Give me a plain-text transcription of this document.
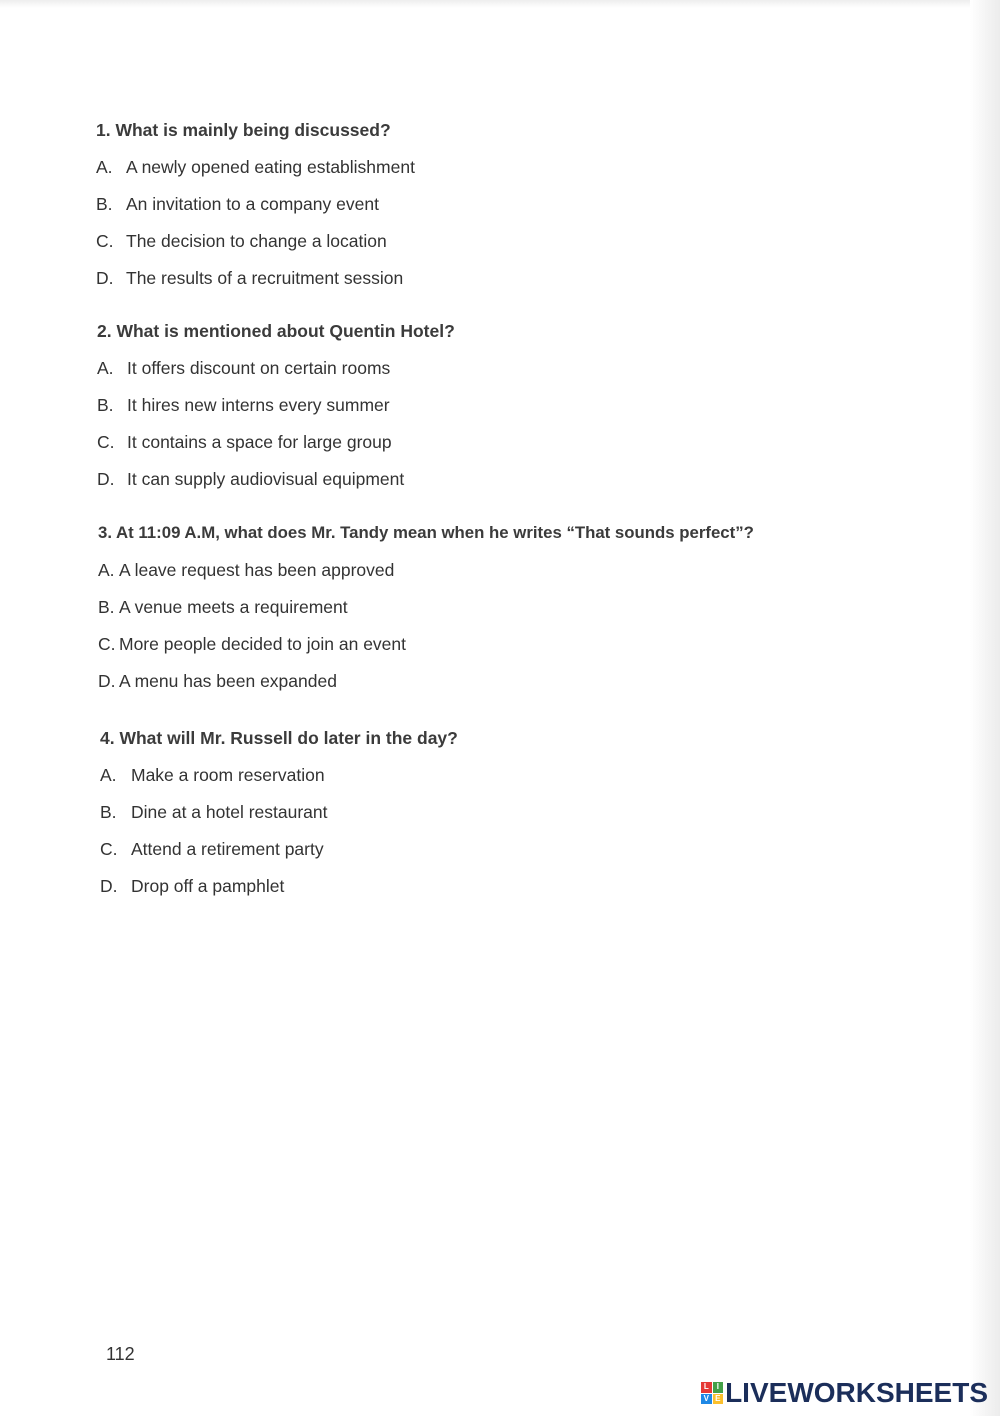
1. What is mainly being discussed?
A. A newly opened eating establishment
B. An invitation to a company event
C. The decision to change a location
D. The results of a recruitment session
2. What is mentioned about Quentin Hotel?
A. It offers discount on certain rooms
B. It hires new interns every summer
C. It contains a space for large group
D. It can supply audiovisual equipment
3. At 11:09 A.M, what does Mr. Tandy mean when he writes “That sounds perfect”?
A. A leave request has been approved
B. A venue meets a requirement
C. More people decided to join an event
D. A menu has been expanded
4. What will Mr. Russell do later in the day?
A. Make a room reservation
B. Dine at a hotel restaurant
C. Attend a retirement party
D. Drop off a pamphlet
112
L I
V E LIVEWORKSHEETS
